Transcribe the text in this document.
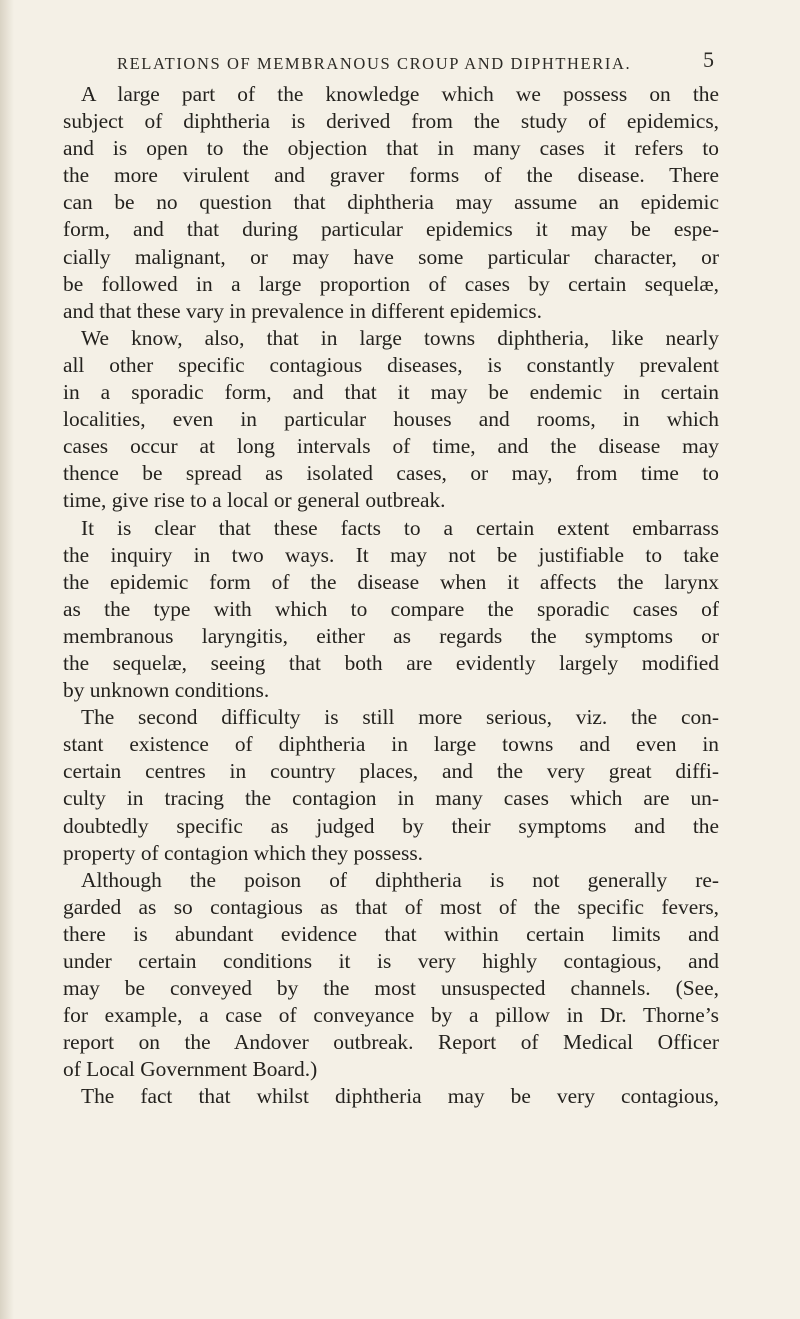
RELATIONS OF MEMBRANOUS CROUP AND DIPHTHERIA.	5
A large part of the knowledge which we possess on the
subject of diphtheria is derived from the study of epidemics,
and is open to the objection that in many cases it refers to
the more virulent and graver forms of the disease. There
can be no question that diphtheria may assume an epidemic
form, and that during particular epidemics it may be espe-
cially malignant, or may have some particular character, or
be followed in a large proportion of cases by certain sequelæ,
and that these vary in prevalence in different epidemics.
We know, also, that in large towns diphtheria, like nearly
all other specific contagious diseases, is constantly prevalent
in a sporadic form, and that it may be endemic in certain
localities, even in particular houses and rooms, in which
cases occur at long intervals of time, and the disease may
thence be spread as isolated cases, or may, from time to
time, give rise to a local or general outbreak.
It is clear that these facts to a certain extent embarrass
the inquiry in two ways. It may not be justifiable to take
the epidemic form of the disease when it affects the larynx
as the type with which to compare the sporadic cases of
membranous laryngitis, either as regards the symptoms or
the sequelæ, seeing that both are evidently largely modified
by unknown conditions.
The second difficulty is still more serious, viz. the con-
stant existence of diphtheria in large towns and even in
certain centres in country places, and the very great diffi-
culty in tracing the contagion in many cases which are un-
doubtedly specific as judged by their symptoms and the
property of contagion which they possess.
Although the poison of diphtheria is not generally re-
garded as so contagious as that of most of the specific fevers,
there is abundant evidence that within certain limits and
under certain conditions it is very highly contagious, and
may be conveyed by the most unsuspected channels. (See,
for example, a case of conveyance by a pillow in Dr. Thorne’s
report on the Andover outbreak. Report of Medical Officer
of Local Government Board.)
The fact that whilst diphtheria may be very contagious,
